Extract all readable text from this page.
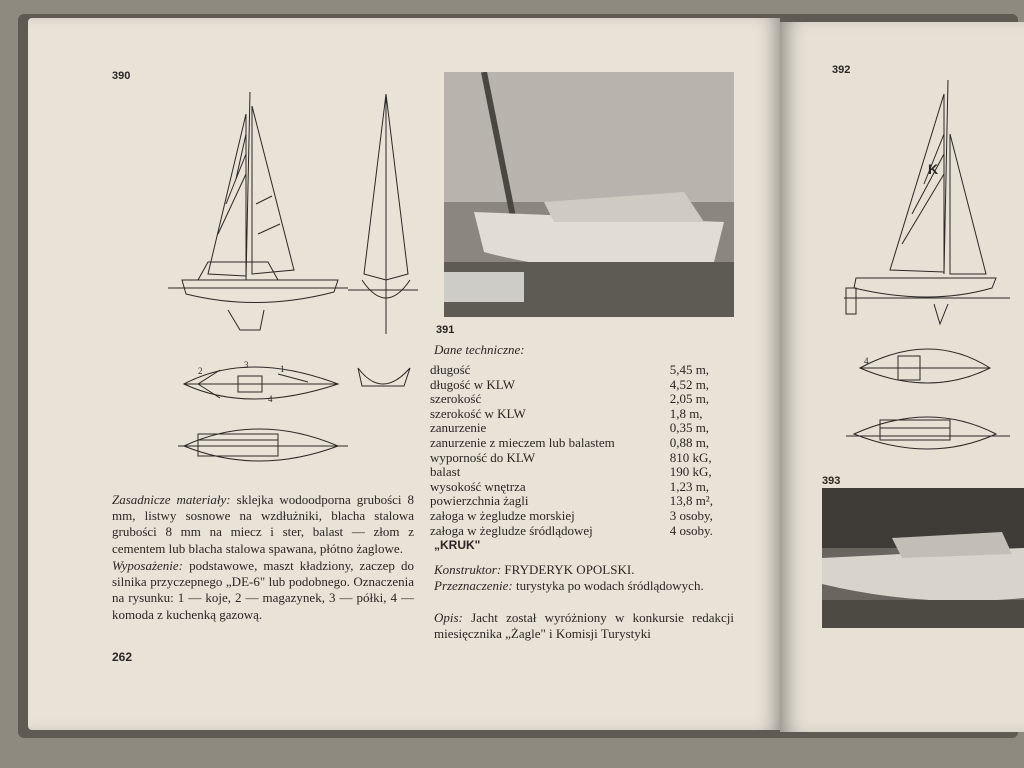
390
2
3	1
4
391
Dane techniczne:
długość	5,45 m,
długość w KLW	4,52 m,
szerokość	2,05 m,
szerokość w KLW	1,8 m,
zanurzenie	0,35 m,
zanurzenie z mieczem lub balastem	0,88 m,
wyporność do KLW	810 kG,
balast	190 kG,
wysokość wnętrza	1,23 m,
powierzchnia żagli	13,8 m²,
załoga w żegludze morskiej	3 osoby,
załoga w żegludze śródlądowej	4 osoby.
Zasadnicze materiały: sklejka wodoodporna grubości 8 mm, listwy sosnowe na wzdłużniki, blacha stalowa grubości 8 mm na miecz i ster, balast — złom z cementem lub blacha stalowa spawana, płótno żaglowe.
Wyposażenie: podstawowe, maszt kładziony, zaczep do silnika przyczepnego „DE-6" lub podobnego. Oznaczenia na rysunku: 1 — koje, 2 — magazynek, 3 — półki, 4 — komoda z kuchenką gazową.
262
„KRUK"
Konstruktor: FRYDERYK OPOLSKI.
Przeznaczenie: turystyka po wodach śródlądowych.
Opis: Jacht został wyróżniony w konkursie redakcji miesięcznika „Żagle" i Komisji Turystyki
392
K
4
393
